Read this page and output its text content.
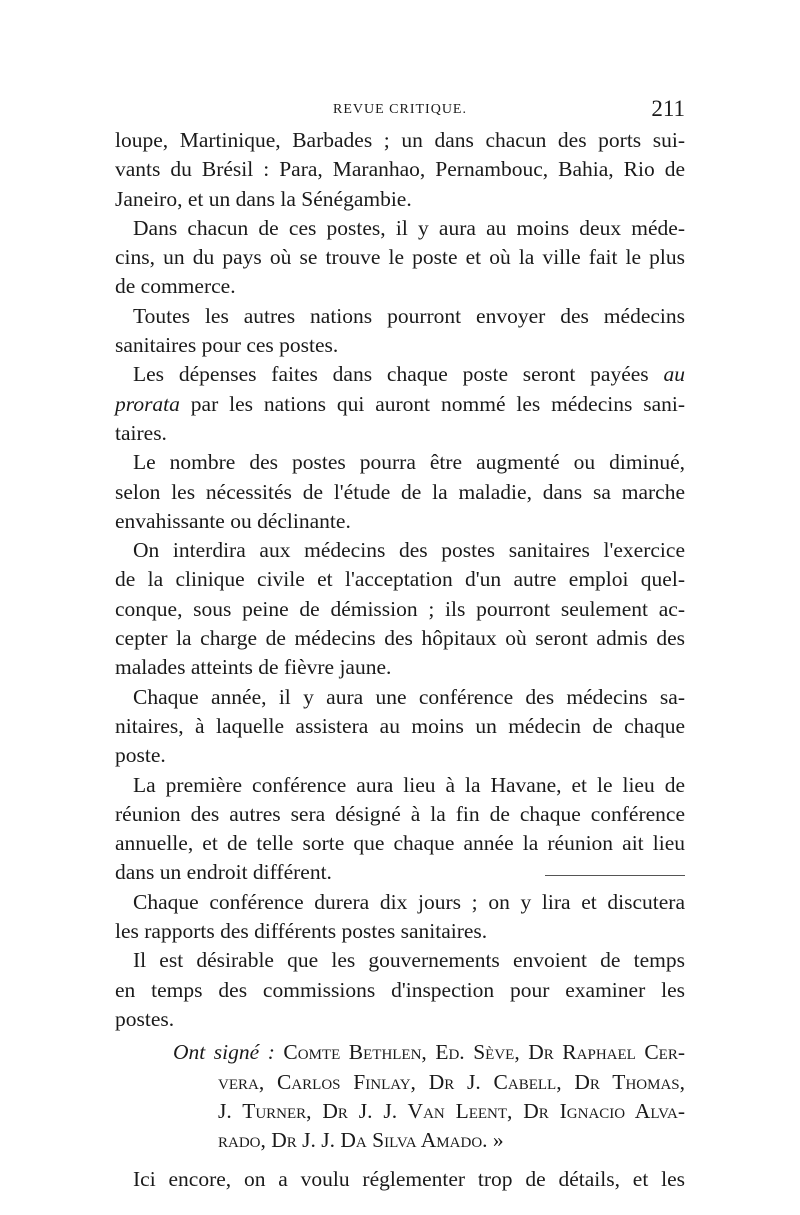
REVUE CRITIQUE.	211
loupe, Martinique, Barbades ; un dans chacun des ports sui-
vants du Brésil : Para, Maranhao, Pernambouc, Bahia, Rio de
Janeiro, et un dans la Sénégambie.
Dans chacun de ces postes, il y aura au moins deux méde-
cins, un du pays où se trouve le poste et où la ville fait le plus
de commerce.
Toutes les autres nations pourront envoyer des médecins
sanitaires pour ces postes.
Les dépenses faites dans chaque poste seront payées au
prorata par les nations qui auront nommé les médecins sani-
taires.
Le nombre des postes pourra être augmenté ou diminué,
selon les nécessités de l'étude de la maladie, dans sa marche
envahissante ou déclinante.
On interdira aux médecins des postes sanitaires l'exercice
de la clinique civile et l'acceptation d'un autre emploi quel-
conque, sous peine de démission ; ils pourront seulement ac-
cepter la charge de médecins des hôpitaux où seront admis des
malades atteints de fièvre jaune.
Chaque année, il y aura une conférence des médecins sa-
nitaires, à laquelle assistera au moins un médecin de chaque
poste.
La première conférence aura lieu à la Havane, et le lieu de
réunion des autres sera désigné à la fin de chaque conférence
annuelle, et de telle sorte que chaque année la réunion ait lieu
dans un endroit différent.
Chaque conférence durera dix jours ; on y lira et discutera
les rapports des différents postes sanitaires.
Il est désirable que les gouvernements envoient de temps
en temps des commissions d'inspection pour examiner les
postes.
Ont signé : Comte Bethlen, Ed. Sève, Dr Raphael Cer-
vera, Carlos Finlay, Dr J. Cabell, Dr Thomas,
J. Turner, Dr J. J. Van Leent, Dr Ignacio Alva-
rado, Dr J. J. Da Silva Amado. »
Ici encore, on a voulu réglementer trop de détails, et les
